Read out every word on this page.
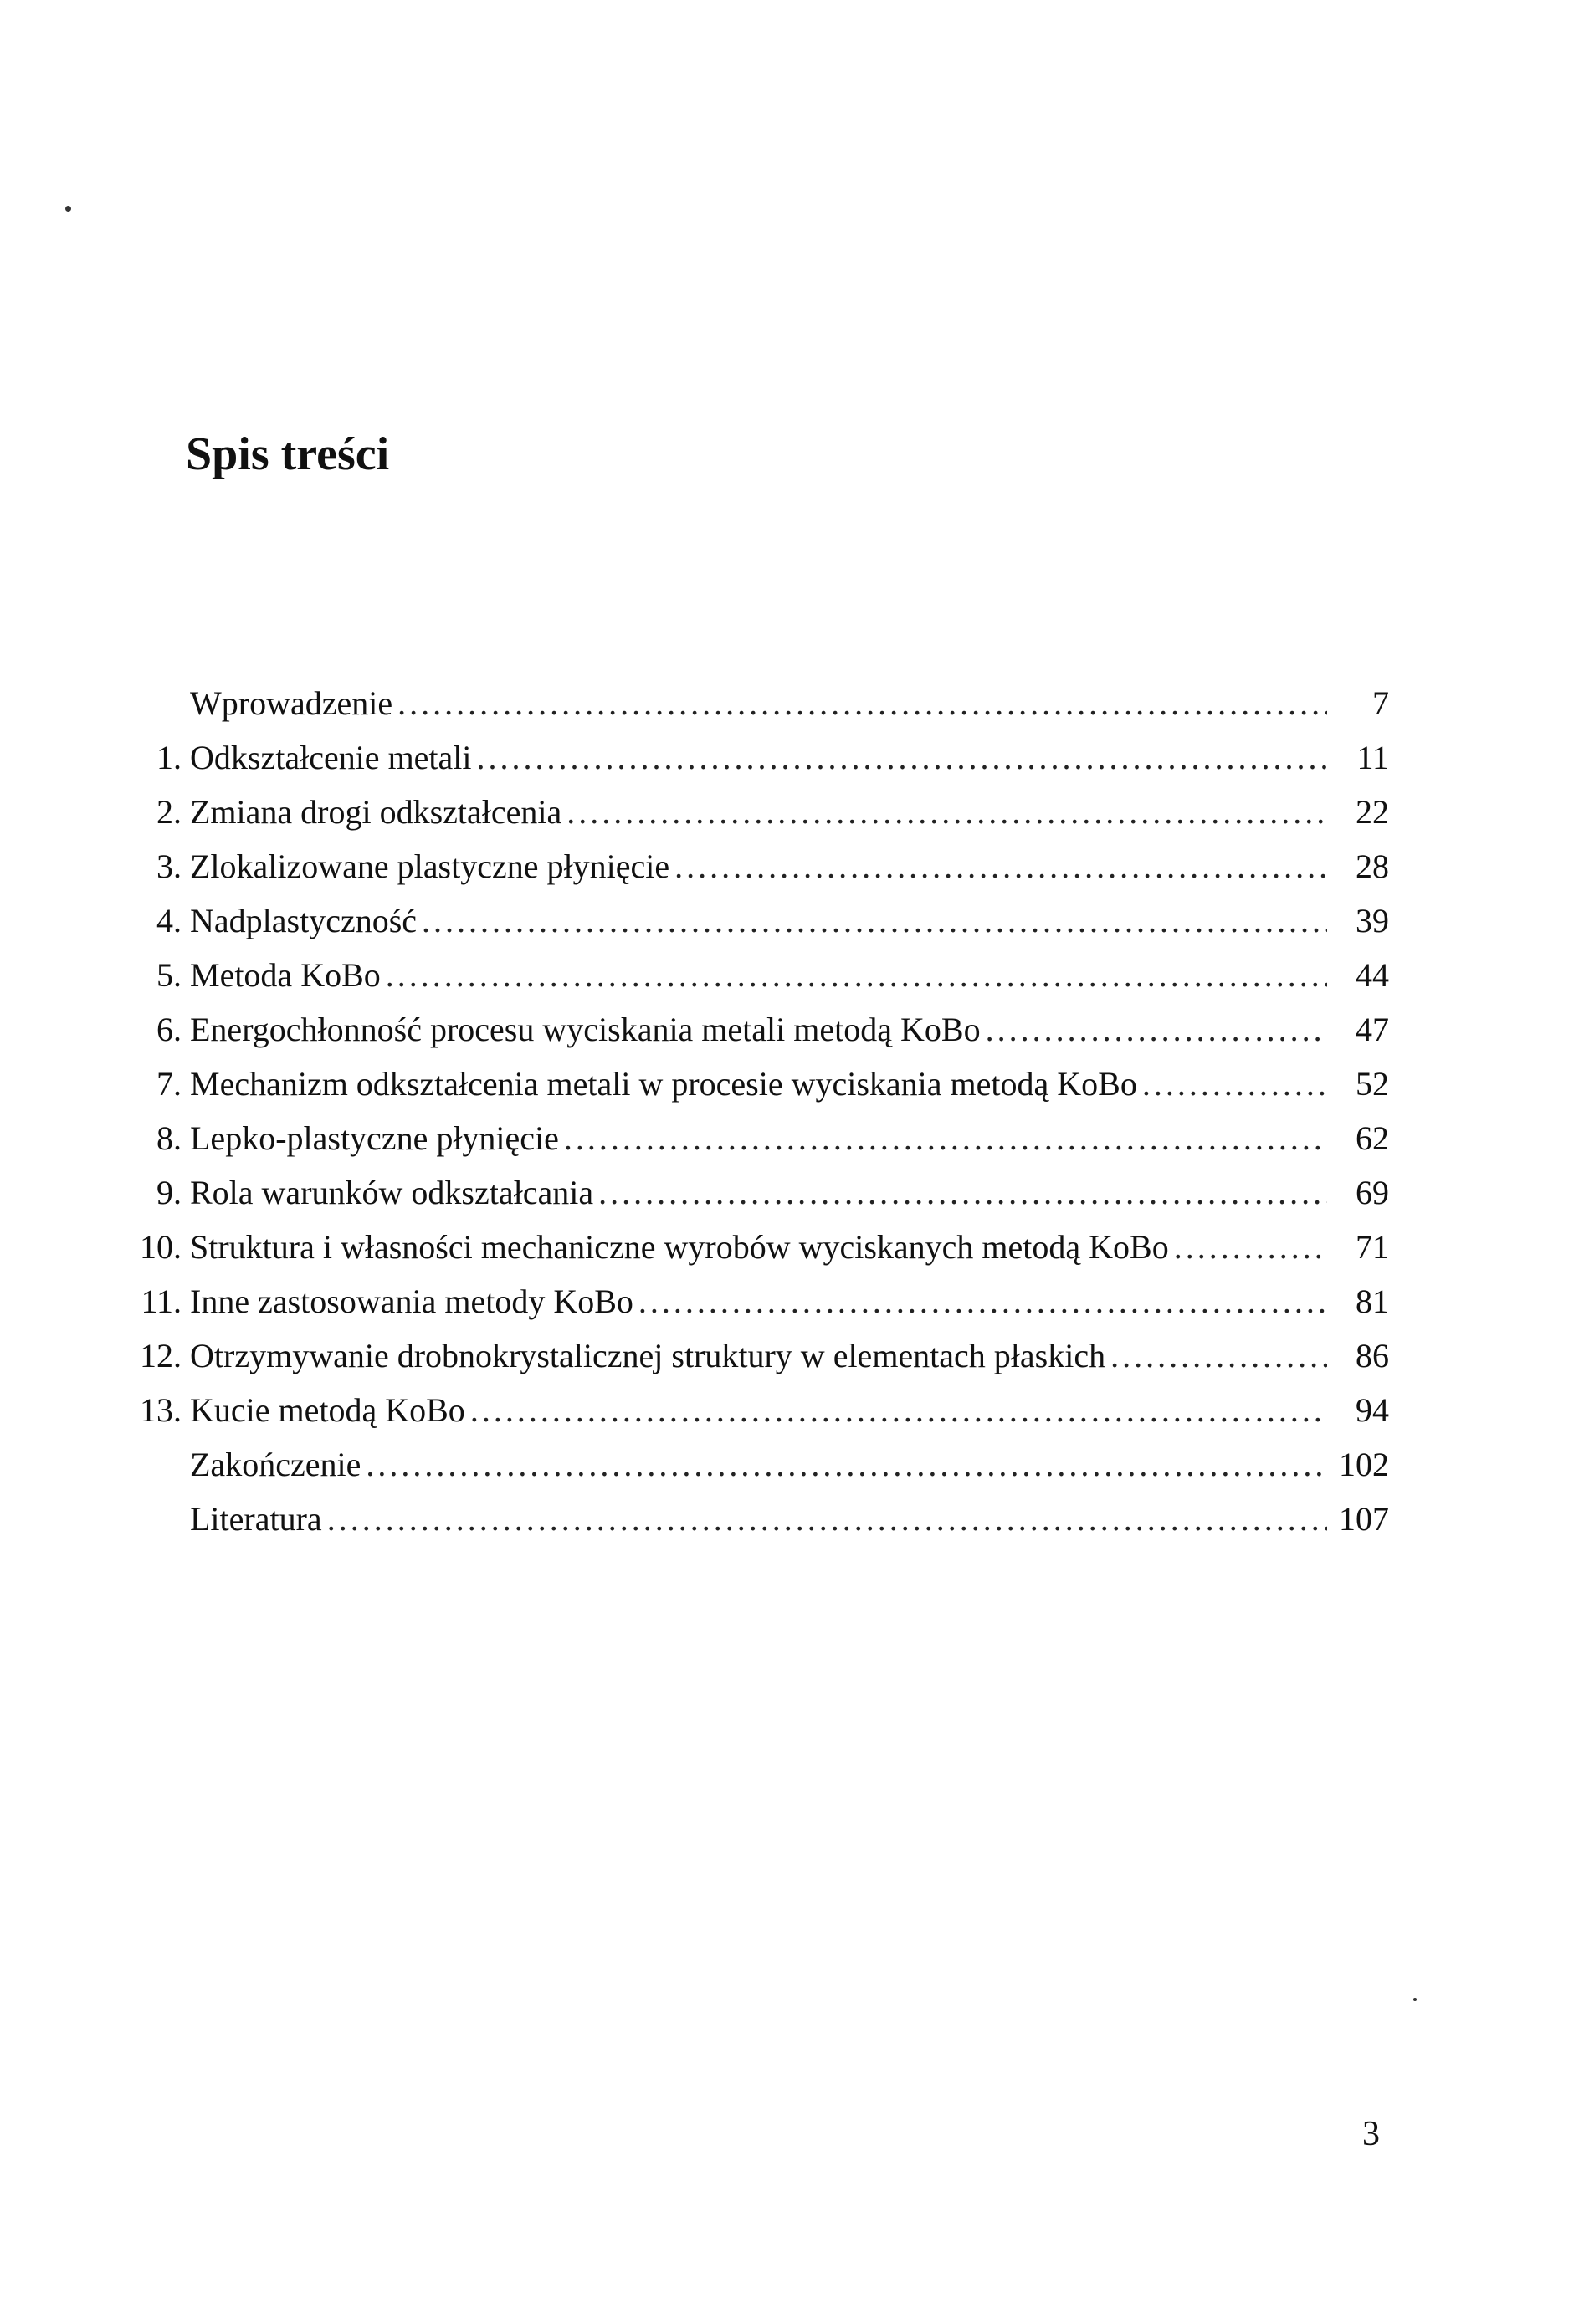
Spis treści
Wprowadzenie . . .	7
1. Odkształcenie metali . . .	11
2. Zmiana drogi odkształcenia . . .	22
3. Zlokalizowane plastyczne płynięcie . . .	28
4. Nadplastyczność . . .	39
5. Metoda KoBo . . .	44
6. Energochłonność procesu wyciskania metali metodą KoBo . . .	47
7. Mechanizm odkształcenia metali w procesie wyciskania metodą KoBo . . .	52
8. Lepko-plastyczne płynięcie . . .	62
9. Rola warunków odkształcania . . .	69
10. Struktura i własności mechaniczne wyrobów wyciskanych metodą KoBo . . .	71
11. Inne zastosowania metody KoBo . . .	81
12. Otrzymywanie drobnokrystalicznej struktury w elementach płaskich . . .	86
13. Kucie metodą KoBo . . .	94
Zakończenie . . .	102
Literatura . . .	107
3
